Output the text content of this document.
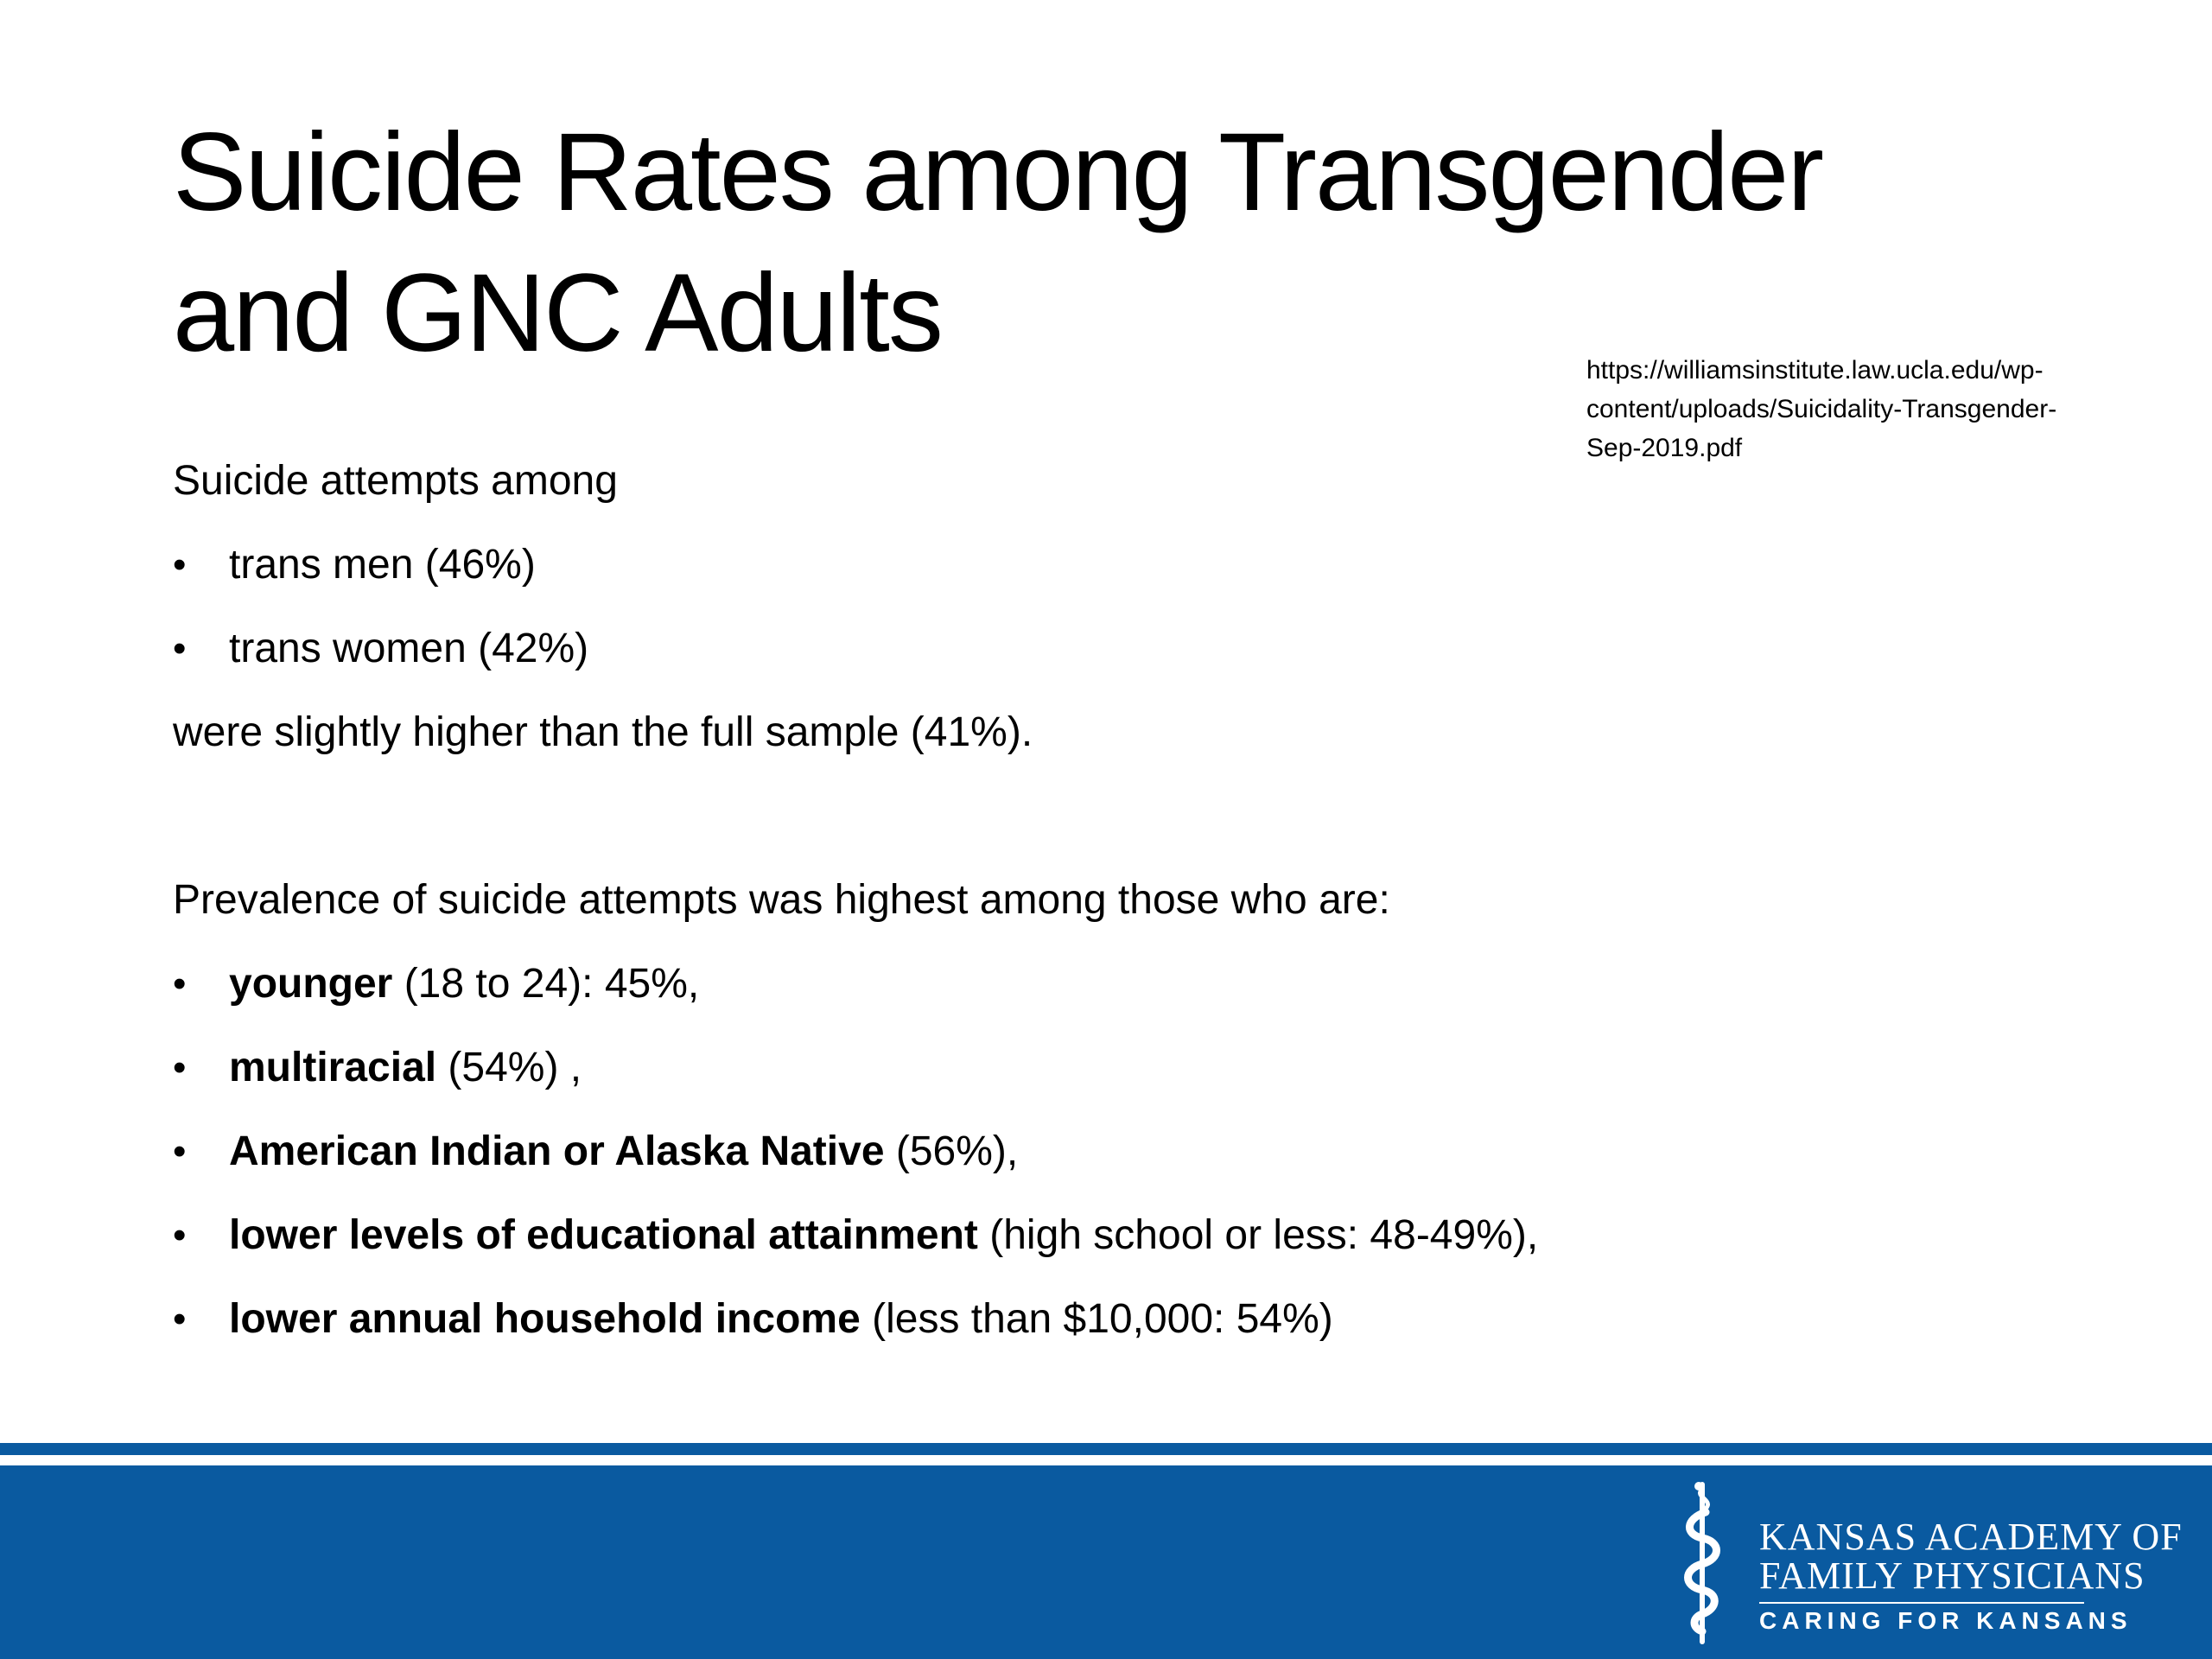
Suicide Rates among Transgender
and GNC Adults	https://williamsinstitute.law.ucla.edu/wp-
content/uploads/Suicidality-Transgender-
Sep-2019.pdf
Suicide attempts among
• trans men (46%)
• trans women (42%)
were slightly higher than the full sample (41%).
Prevalence of suicide attempts was highest among those who are:
• younger (18 to 24): 45%,
• multiracial (54%) ,
• American Indian or Alaska Native (56%),
• lower levels of educational attainment (high school or less: 48-49%),
• lower annual household income (less than $10,000: 54%)
KANSAS ACADEMY OF
FAMILY PHYSICIANS
CARING FOR KANSANS
